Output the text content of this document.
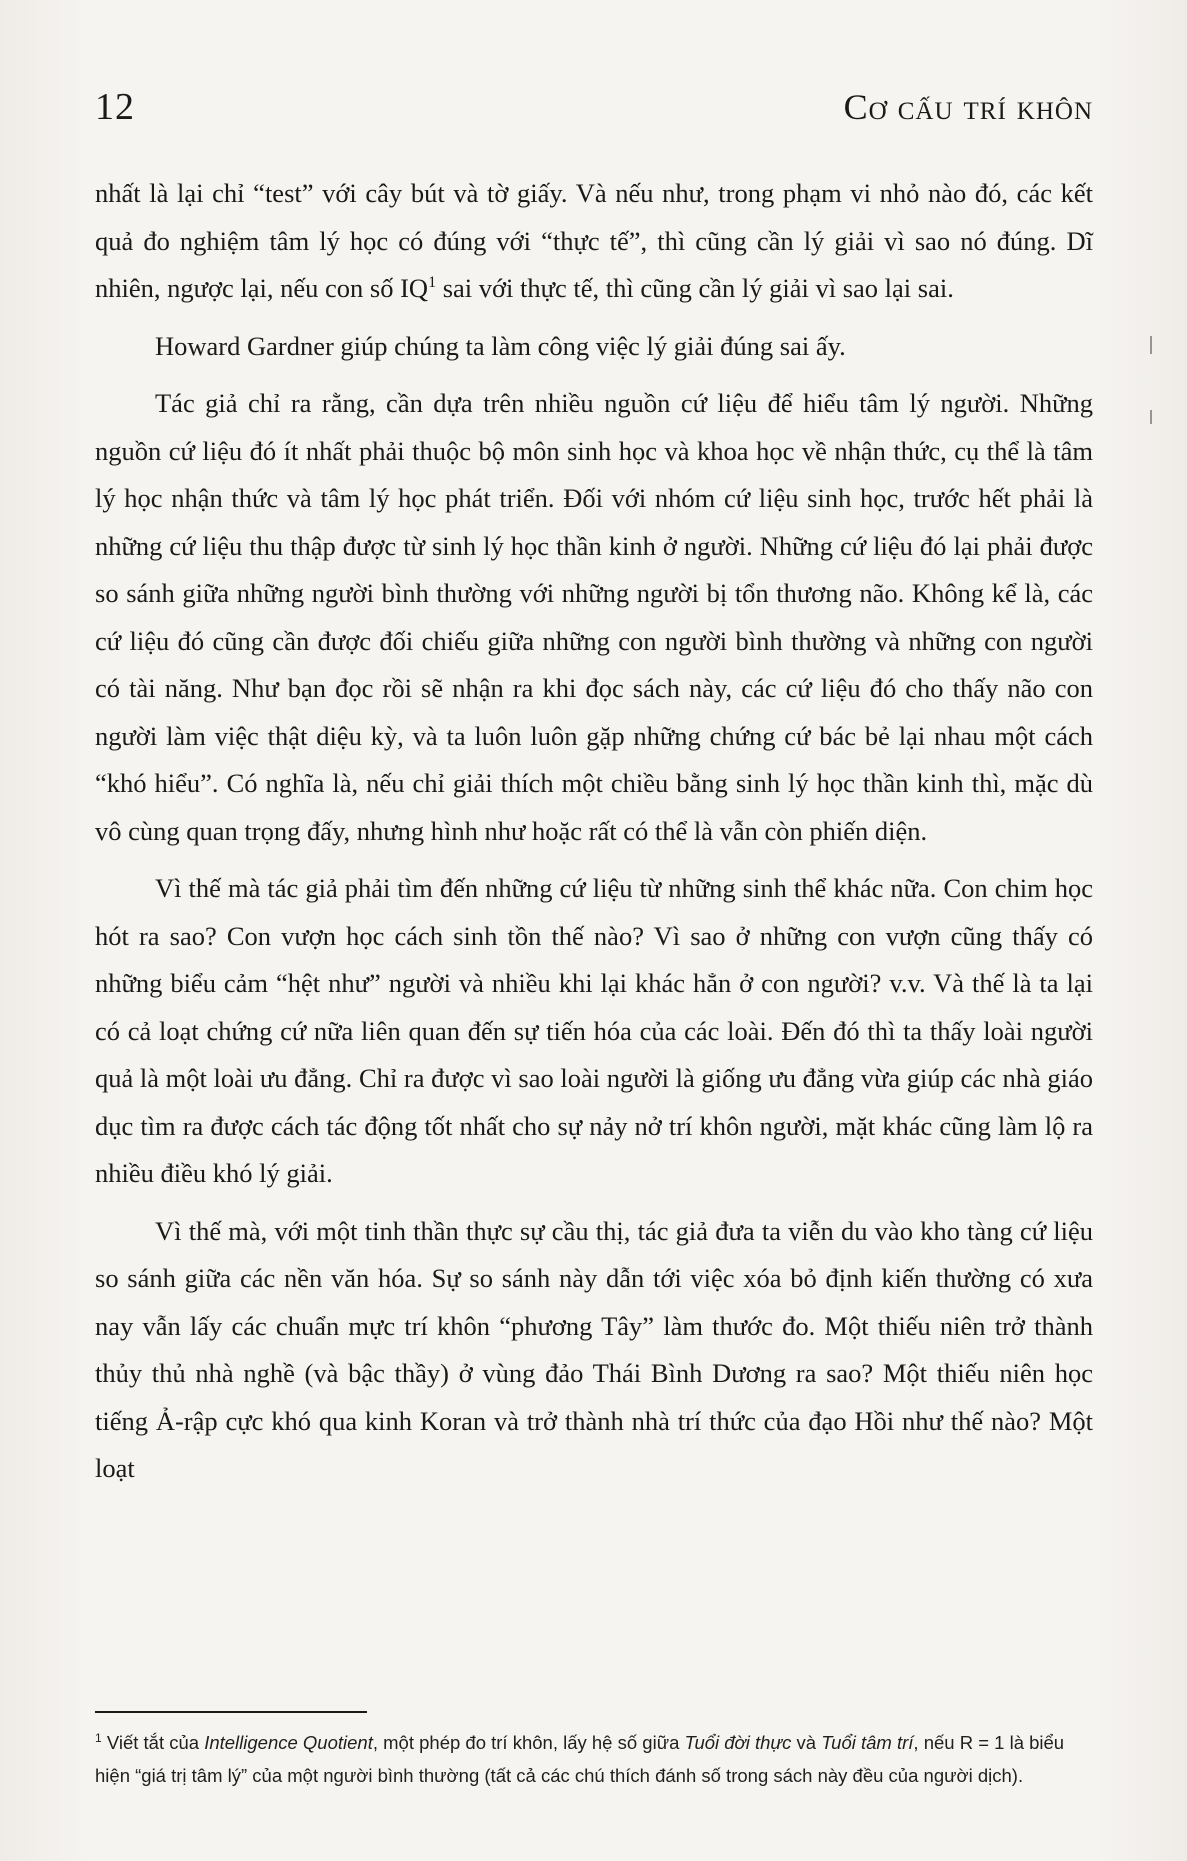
12	Cơ cấu trí khôn

nhất là lại chỉ “test” với cây bút và tờ giấy. Và nếu như, trong phạm vi nhỏ nào đó, các kết quả đo nghiệm tâm lý học có đúng với “thực tế”, thì cũng cần lý giải vì sao nó đúng. Dĩ nhiên, ngược lại, nếu con số $IQ^1$ sai với thực tế, thì cũng cần lý giải vì sao lại sai.

Howard Gardner giúp chúng ta làm công việc lý giải đúng sai ấy.

Tác giả chỉ ra rằng, cần dựa trên nhiều nguồn cứ liệu để hiểu tâm lý người. Những nguồn cứ liệu đó ít nhất phải thuộc bộ môn sinh học và khoa học về nhận thức, cụ thể là tâm lý học nhận thức và tâm lý học phát triển. Đối với nhóm cứ liệu sinh học, trước hết phải là những cứ liệu thu thập được từ sinh lý học thần kinh ở người. Những cứ liệu đó lại phải được so sánh giữa những người bình thường với những người bị tổn thương não. Không kể là, các cứ liệu đó cũng cần được đối chiếu giữa những con người bình thường và những con người có tài năng. Như bạn đọc rồi sẽ nhận ra khi đọc sách này, các cứ liệu đó cho thấy não con người làm việc thật diệu kỳ, và ta luôn luôn gặp những chứng cứ bác bẻ lại nhau một cách “khó hiểu”. Có nghĩa là, nếu chỉ giải thích một chiều bằng sinh lý học thần kinh thì, mặc dù vô cùng quan trọng đấy, nhưng hình như hoặc rất có thể là vẫn còn phiến diện.

Vì thế mà tác giả phải tìm đến những cứ liệu từ những sinh thể khác nữa. Con chim học hót ra sao? Con vượn học cách sinh tồn thế nào? Vì sao ở những con vượn cũng thấy có những biểu cảm “hệt như” người và nhiều khi lại khác hẳn ở con người? v.v. Và thế là ta lại có cả loạt chứng cứ nữa liên quan đến sự tiến hóa của các loài. Đến đó thì ta thấy loài người quả là một loài ưu đẳng. Chỉ ra được vì sao loài người là giống ưu đẳng vừa giúp các nhà giáo dục tìm ra được cách tác động tốt nhất cho sự nảy nở trí khôn người, mặt khác cũng làm lộ ra nhiều điều khó lý giải.

Vì thế mà, với một tinh thần thực sự cầu thị, tác giả đưa ta viễn du vào kho tàng cứ liệu so sánh giữa các nền văn hóa. Sự so sánh này dẫn tới việc xóa bỏ định kiến thường có xưa nay vẫn lấy các chuẩn mực trí khôn “phương Tây” làm thước đo. Một thiếu niên trở thành thủy thủ nhà nghề (và bậc thầy) ở vùng đảo Thái Bình Dương ra sao? Một thiếu niên học tiếng Ả-rập cực khó qua kinh Koran và trở thành nhà trí thức của đạo Hồi như thế nào? Một loạt

$^1$ Viết tắt của Intelligence Quotient, một phép đo trí khôn, lấy hệ số giữa Tuổi đời thực và Tuổi tâm trí, nếu R = 1 là biểu hiện “giá trị tâm lý” của một người bình thường (tất cả các chú thích đánh số trong sách này đều của người dịch).
